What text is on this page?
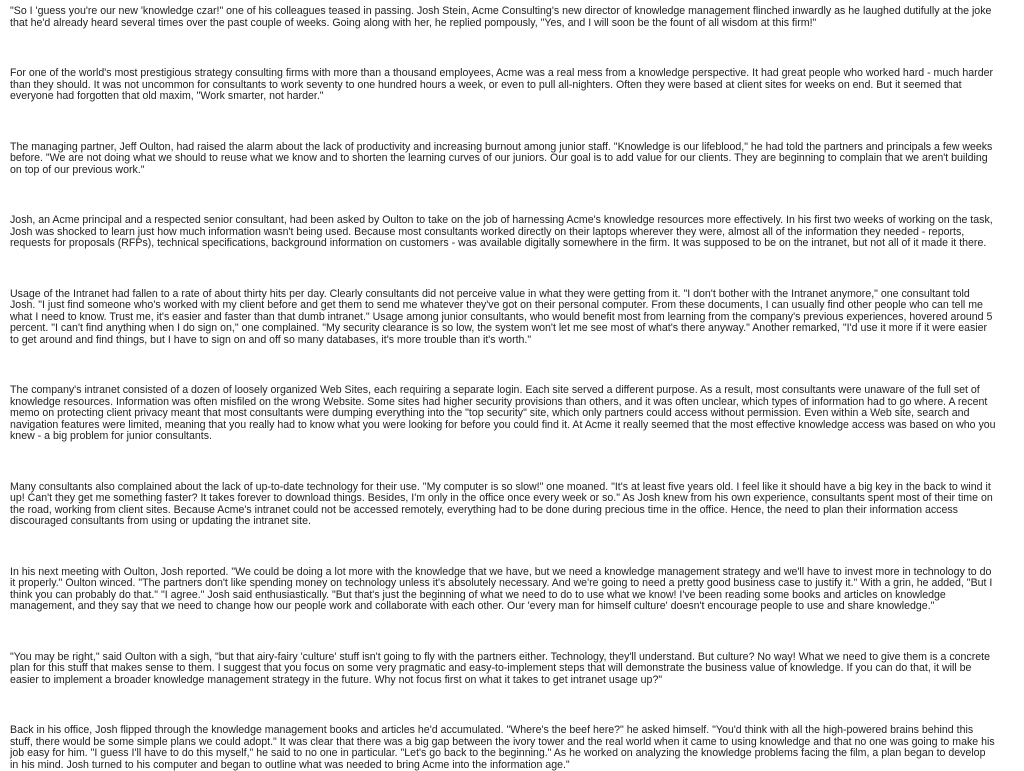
"So I 'guess you're our new 'knowledge czar!" one of his colleagues teased in passing. Josh Stein, Acme Consulting's new director of knowledge management flinched inwardly as he laughed dutifully at the joke that he'd already heard several times over the past couple of weeks. Going along with her, he replied pompously, "Yes, and I will soon be the fount of all wisdom at this firm!"

For one of the world's most prestigious strategy consulting firms with more than a thousand employees, Acme was a real mess from a knowledge perspective. It had great people who worked hard - much harder than they should. It was not uncommon for consultants to work seventy to one hundred hours a week, or even to pull all-nighters. Often they were based at client sites for weeks on end. But it seemed that everyone had forgotten that old maxim, "Work smarter, not harder."

The managing partner, Jeff Oulton, had raised the alarm about the lack of productivity and increasing burnout among junior staff. "Knowledge is our lifeblood," he had told the partners and principals a few weeks before. "We are not doing what we should to reuse what we know and to shorten the learning curves of our juniors. Our goal is to add value for our clients. They are beginning to complain that we aren't building on top of our previous work."

Josh, an Acme principal and a respected senior consultant, had been asked by Oulton to take on the job of harnessing Acme's knowledge resources more effectively. In his first two weeks of working on the task, Josh was shocked to learn just how much information wasn't being used. Because most consultants worked directly on their laptops wherever they were, almost all of the information they needed - reports, requests for proposals (RFPs), technical specifications, background information on customers - was available digitally somewhere in the firm. It was supposed to be on the intranet, but not all of it made it there.

Usage of the Intranet had fallen to a rate of about thirty hits per day. Clearly consultants did not perceive value in what they were getting from it. "I don't bother with the Intranet anymore," one consultant told Josh. "I just find someone who's worked with my client before and get them to send me whatever they've got on their personal computer. From these documents, I can usually find other people who can tell me what I need to know. Trust me, it's easier and faster than that dumb intranet." Usage among junior consultants, who would benefit most from learning from the company's previous experiences, hovered around 5 percent. "I can't find anything when I do sign on," one complained. "My security clearance is so low, the system won't let me see most of what's there anyway." Another remarked, "I'd use it more if it were easier to get around and find things, but I have to sign on and off so many databases, it's more trouble than it's worth."

The company's intranet consisted of a dozen of loosely organized Web Sites, each requiring a separate login. Each site served a different purpose. As a result, most consultants were unaware of the full set of knowledge resources. Information was often misfiled on the wrong Website. Some sites had higher security provisions than others, and it was often unclear, which types of information had to go where. A recent memo on protecting client privacy meant that most consultants were dumping everything into the "top security" site, which only partners could access without permission. Even within a Web site, search and navigation features were limited, meaning that you really had to know what you were looking for before you could find it. At Acme it really seemed that the most effective knowledge access was based on who you knew - a big problem for junior consultants.

Many consultants also complained about the lack of up-to-date technology for their use. "My computer is so slow!" one moaned. "It's at least five years old. I feel like it should have a big key in the back to wind it up! Can't they get me something faster? It takes forever to download things. Besides, I'm only in the office once every week or so." As Josh knew from his own experience, consultants spent most of their time on the road, working from client sites. Because Acme's intranet could not be accessed remotely, everything had to be done during precious time in the office. Hence, the need to plan their information access discouraged consultants from using or updating the intranet site.

In his next meeting with Oulton, Josh reported. "We could be doing a lot more with the knowledge that we have, but we need a knowledge management strategy and we'll have to invest more in technology to do it properly." Oulton winced. "The partners don't like spending money on technology unless it's absolutely necessary. And we're going to need a pretty good business case to justify it." With a grin, he added, "But I think you can probably do that." "I agree." Josh said enthusiastically. "But that's just the beginning of what we need to do to use what we know! I've been reading some books and articles on knowledge management, and they say that we need to change how our people work and collaborate with each other. Our 'every man for himself culture' doesn't encourage people to use and share knowledge."

"You may be right," said Oulton with a sigh, "but that airy-fairy 'culture' stuff isn't going to fly with the partners either. Technology, they'll understand. But culture? No way! What we need to give them is a concrete plan for this stuff that makes sense to them. I suggest that you focus on some very pragmatic and easy-to-implement steps that will demonstrate the business value of knowledge. If you can do that, it will be easier to implement a broader knowledge management strategy in the future. Why not focus first on what it takes to get intranet usage up?"

Back in his office, Josh flipped through the knowledge management books and articles he'd accumulated. "Where's the beef here?" he asked himself. "You'd think with all the high-powered brains behind this stuff, there would be some simple plans we could adopt." It was clear that there was a big gap between the ivory tower and the real world when it came to using knowledge and that no one was going to make his job easy for him. "I guess I'll have to do this myself," he said to no one in particular. "Let's go back to the beginning." As he worked on analyzing the knowledge problems facing the film, a plan began to develop in his mind. Josh turned to his computer and began to outline what was needed to bring Acme into the information age."
